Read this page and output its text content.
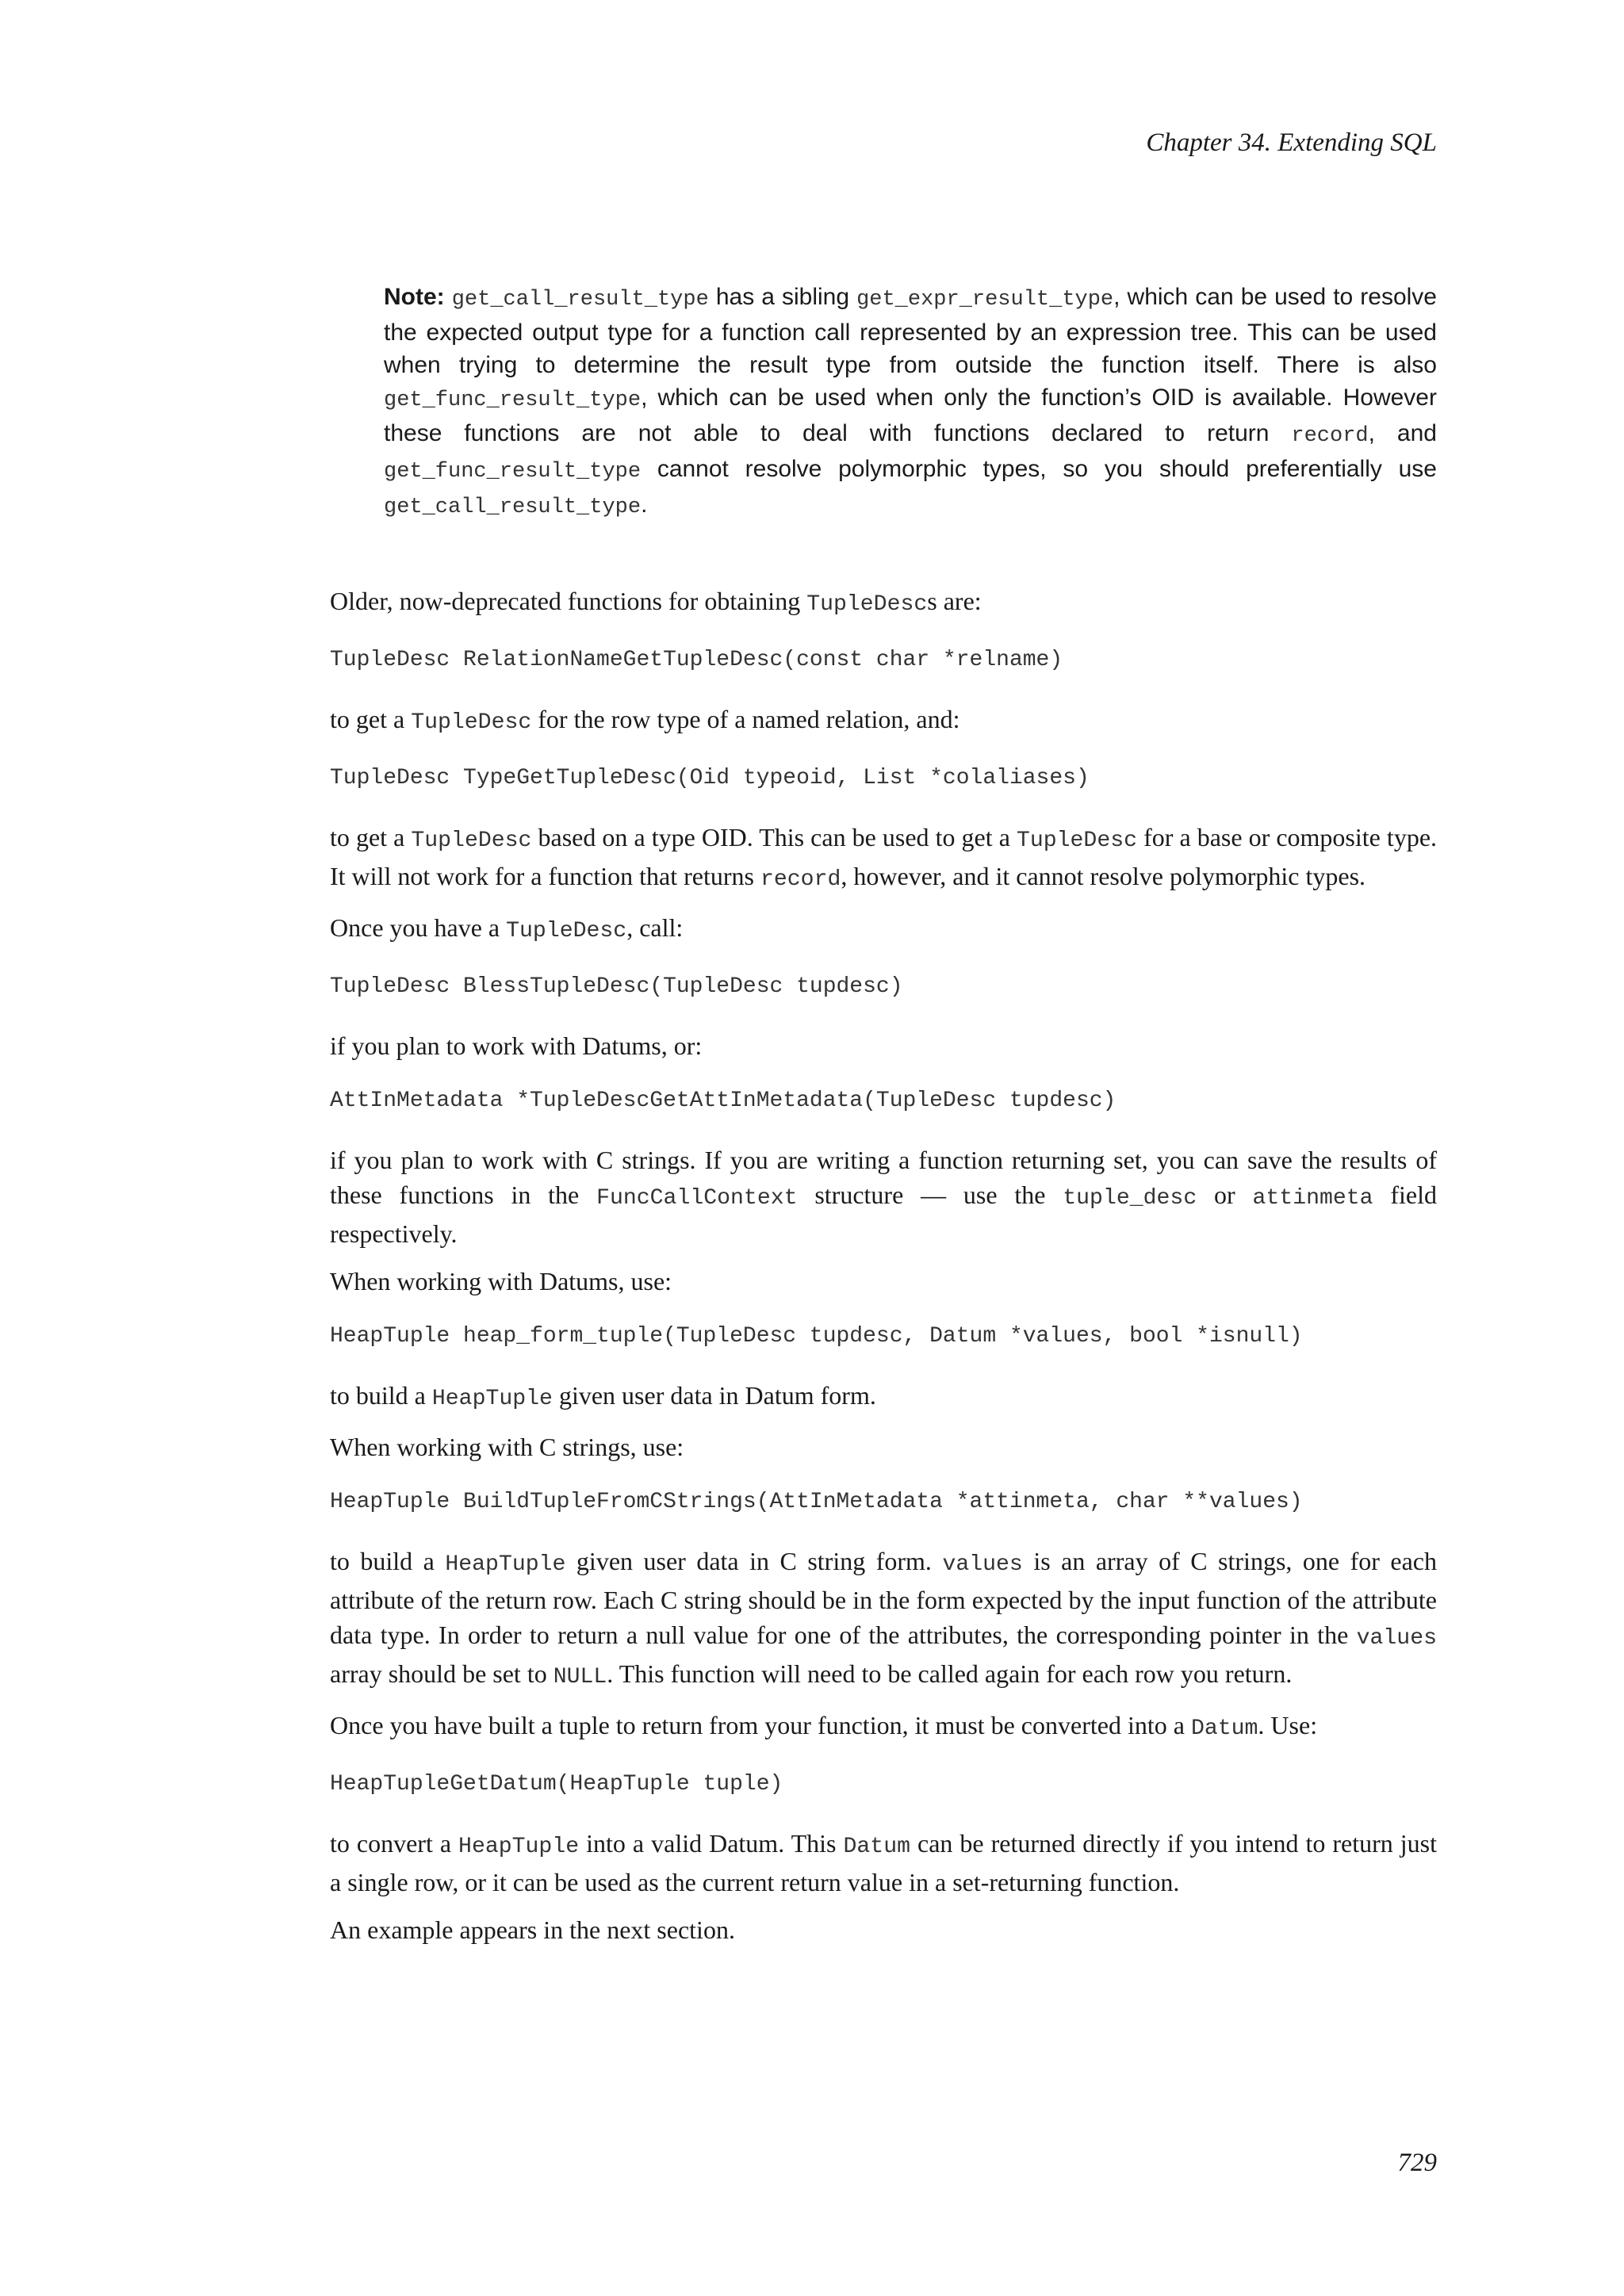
Chapter 34. Extending SQL
Note: get_call_result_type has a sibling get_expr_result_type, which can be used to resolve the expected output type for a function call represented by an expression tree. This can be used when trying to determine the result type from outside the function itself. There is also get_func_result_type, which can be used when only the function’s OID is available. However these functions are not able to deal with functions declared to return record, and get_func_result_type cannot resolve polymorphic types, so you should preferentially use get_call_result_type.

Older, now-deprecated functions for obtaining TupleDescs are:

TupleDesc RelationNameGetTupleDesc(const char *relname)

to get a TupleDesc for the row type of a named relation, and:

TupleDesc TypeGetTupleDesc(Oid typeoid, List *colaliases)

to get a TupleDesc based on a type OID. This can be used to get a TupleDesc for a base or composite type. It will not work for a function that returns record, however, and it cannot resolve polymorphic types.

Once you have a TupleDesc, call:

TupleDesc BlessTupleDesc(TupleDesc tupdesc)

if you plan to work with Datums, or:

AttInMetadata *TupleDescGetAttInMetadata(TupleDesc tupdesc)

if you plan to work with C strings. If you are writing a function returning set, you can save the results of these functions in the FuncCallContext structure — use the tuple_desc or attinmeta field respectively.

When working with Datums, use:

HeapTuple heap_form_tuple(TupleDesc tupdesc, Datum *values, bool *isnull)

to build a HeapTuple given user data in Datum form.

When working with C strings, use:

HeapTuple BuildTupleFromCStrings(AttInMetadata *attinmeta, char **values)

to build a HeapTuple given user data in C string form. values is an array of C strings, one for each attribute of the return row. Each C string should be in the form expected by the input function of the attribute data type. In order to return a null value for one of the attributes, the corresponding pointer in the values array should be set to NULL. This function will need to be called again for each row you return.

Once you have built a tuple to return from your function, it must be converted into a Datum. Use:

HeapTupleGetDatum(HeapTuple tuple)

to convert a HeapTuple into a valid Datum. This Datum can be returned directly if you intend to return just a single row, or it can be used as the current return value in a set-returning function.

An example appears in the next section.

729
